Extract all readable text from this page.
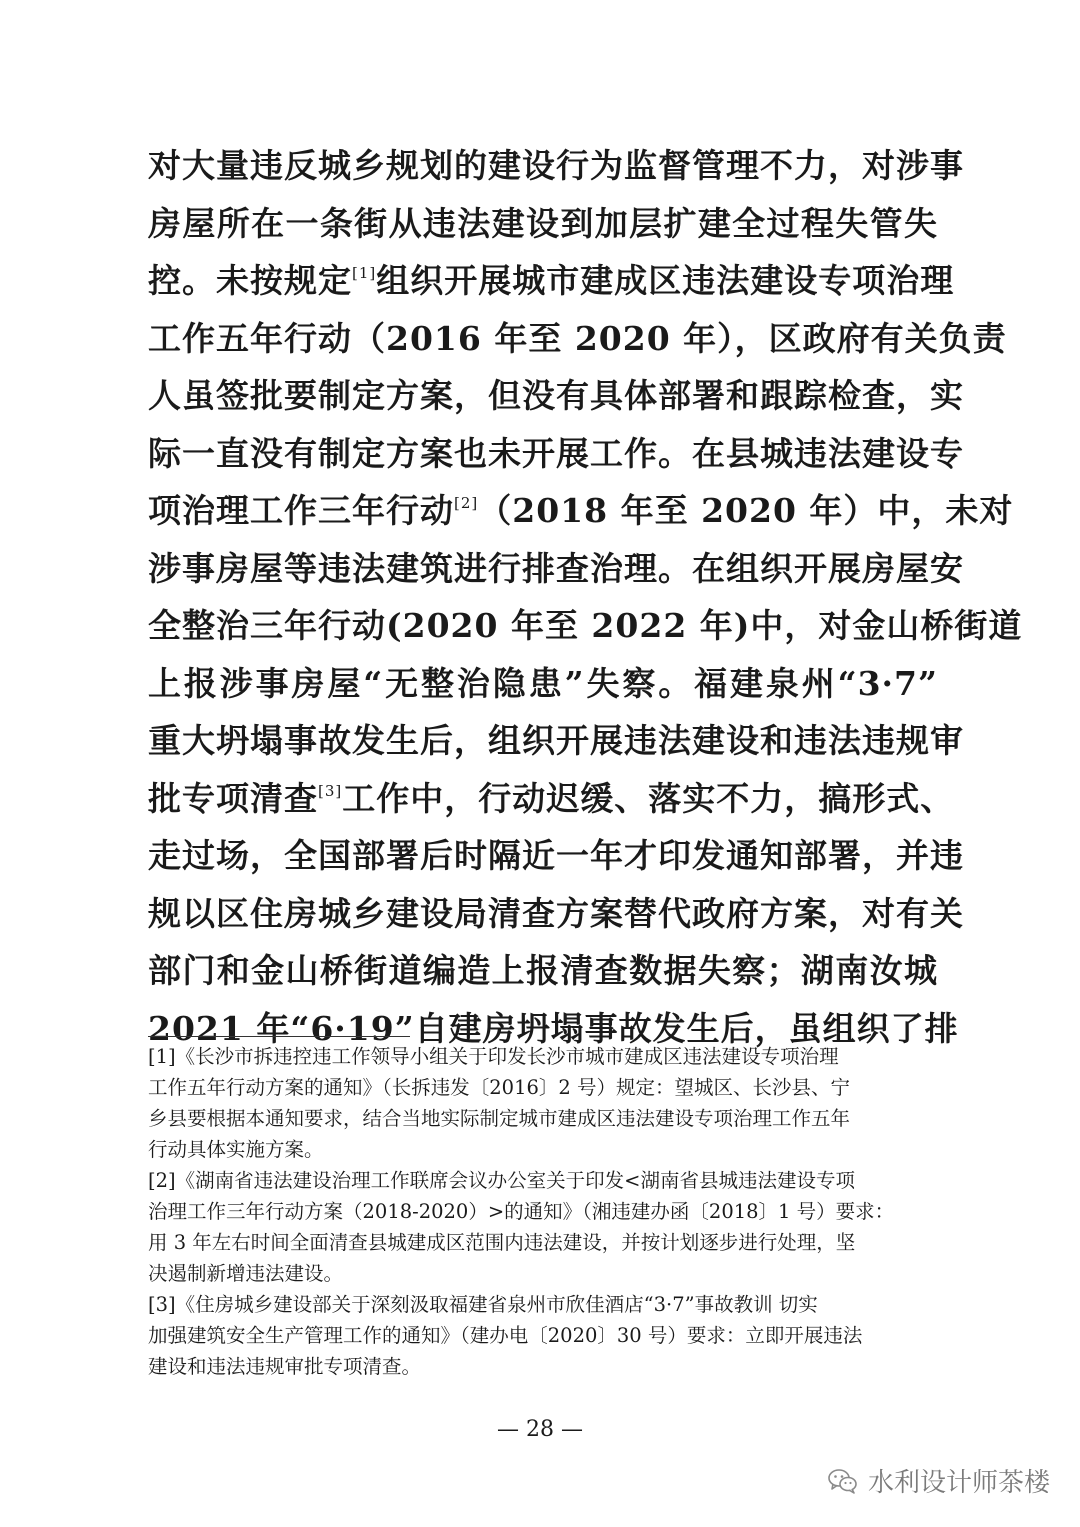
对大量违反城乡规划的建设行为监督管理不力，对涉事
房屋所在一条街从违法建设到加层扩建全过程失管失
控。未按规定[1]组织开展城市建成区违法建设专项治理
工作五年行动（2016 年至 2020 年），区政府有关负责
人虽签批要制定方案，但没有具体部署和跟踪检查，实
际一直没有制定方案也未开展工作。在县城违法建设专
项治理工作三年行动[2]（2018 年至 2020 年）中，未对
涉事房屋等违法建筑进行排查治理。在组织开展房屋安
全整治三年行动(2020 年至 2022 年)中，对金山桥街道
上报涉事房屋“无整治隐患”失察。福建泉州“3·7”
重大坍塌事故发生后，组织开展违法建设和违法违规审
批专项清查[3]工作中，行动迟缓、落实不力，搞形式、
走过场，全国部署后时隔近一年才印发通知部署，并违
规以区住房城乡建设局清查方案替代政府方案，对有关
部门和金山桥街道编造上报清查数据失察；湖南汝城
2021 年“6·19”自建房坍塌事故发生后，虽组织了排
[1]《长沙市拆违控违工作领导小组关于印发长沙市城市建成区违法建设专项治理
工作五年行动方案的通知》（长拆违发〔2016〕2 号）规定：望城区、长沙县、宁
乡县要根据本通知要求，结合当地实际制定城市建成区违法建设专项治理工作五年
行动具体实施方案。
[2]《湖南省违法建设治理工作联席会议办公室关于印发<湖南省县城违法建设专项
治理工作三年行动方案（2018-2020）>的通知》（湘违建办函〔2018〕1 号）要求：
用 3 年左右时间全面清查县城建成区范围内违法建设，并按计划逐步进行处理，坚
决遏制新增违法建设。
[3]《住房城乡建设部关于深刻汲取福建省泉州市欣佳酒店“3·7”事故教训 切实
加强建筑安全生产管理工作的通知》（建办电〔2020〕30 号）要求：立即开展违法
建设和违法违规审批专项清查。
— 28 —
水利设计师茶楼
